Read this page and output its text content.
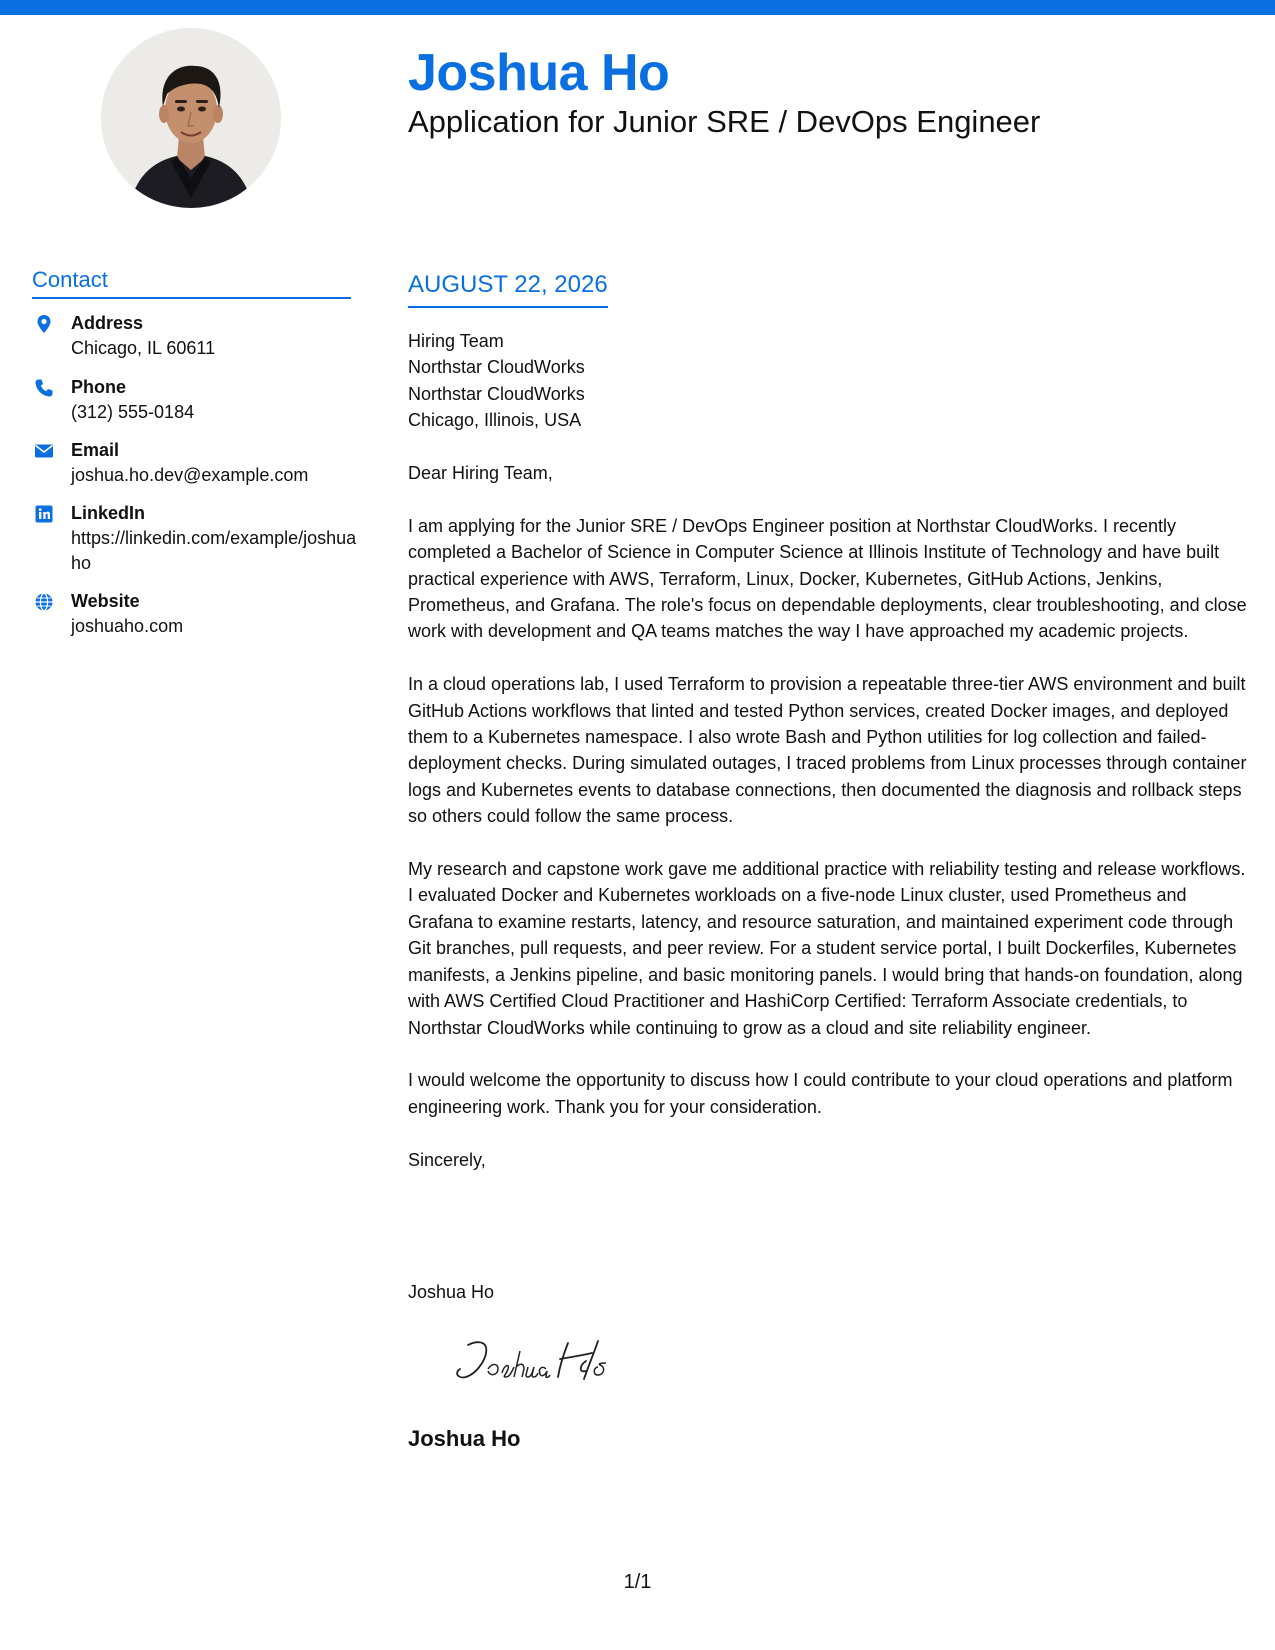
Joshua Ho
Application for Junior SRE / DevOps Engineer
Contact
Address
Chicago, IL 60611
Phone
(312) 555-0184
Email
joshua.ho.dev@example.com
LinkedIn
https://linkedin.com/example/joshuaho
Website
joshuaho.com
AUGUST 22, 2026

Hiring Team

Northstar CloudWorks

Northstar CloudWorks

Chicago, Illinois, USA

Dear Hiring Team,

I am applying for the Junior SRE / DevOps Engineer position at Northstar CloudWorks. I recently completed a Bachelor of Science in Computer Science at Illinois Institute of Technology and have built practical experience with AWS, Terraform, Linux, Docker, Kubernetes, GitHub Actions, Jenkins, Prometheus, and Grafana. The role's focus on dependable deployments, clear troubleshooting, and close work with development and QA teams matches the way I have approached my academic projects.

In a cloud operations lab, I used Terraform to provision a repeatable three-tier AWS environment and built GitHub Actions workflows that linted and tested Python services, created Docker images, and deployed them to a Kubernetes namespace. I also wrote Bash and Python utilities for log collection and failed-deployment checks. During simulated outages, I traced problems from Linux processes through container logs and Kubernetes events to database connections, then documented the diagnosis and rollback steps so others could follow the same process.

My research and capstone work gave me additional practice with reliability testing and release workflows. I evaluated Docker and Kubernetes workloads on a five-node Linux cluster, used Prometheus and Grafana to examine restarts, latency, and resource saturation, and maintained experiment code through Git branches, pull requests, and peer review. For a student service portal, I built Dockerfiles, Kubernetes manifests, a Jenkins pipeline, and basic monitoring panels. I would bring that hands-on foundation, along with AWS Certified Cloud Practitioner and HashiCorp Certified: Terraform Associate credentials, to Northstar CloudWorks while continuing to grow as a cloud and site reliability engineer.

I would welcome the opportunity to discuss how I could contribute to your cloud operations and platform engineering work. Thank you for your consideration.

Sincerely,

Joshua Ho
Joshua Ho
1/1
